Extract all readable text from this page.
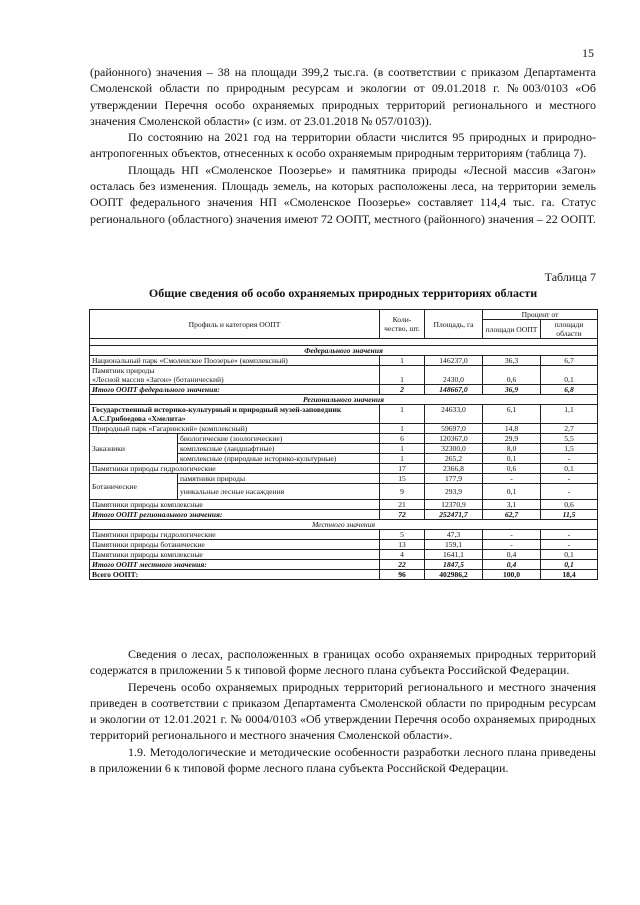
15

(районного) значения – 38 на площади 399,2 тыс.га. (в соответствии с приказом Департамента Смоленской области по природным ресурсам и экологии от 09.01.2018 г. №003/0103 «Об утверждении Перечня особо охраняемых природных территорий регионального и местного значения Смоленской области» (с изм. от 23.01.2018 № 057/0103)).

По состоянию на 2021 год на территории области числится 95 природных и природно-антропогенных объектов, отнесенных к особо охраняемым природным территориям (таблица 7).

Площадь НП «Смоленское Поозерье» и памятника природы «Лесной массив «Загон» осталась без изменения. Площадь земель, на которых расположены леса, на территории земель ООПТ федерального значения НП «Смоленское Поозерье» составляет 114,4 тыс. га. Статус регионального (областного) значения имеют 72 ООПТ, местного (районного) значения – 22 ООПТ.

Таблица 7
Общие сведения об особо охраняемых природных территориях области
Профиль и категория ООПТ		Коли-чество, шт.	Площадь, га	Процент от	
				площади ООПТ	площади области

Федерального значения					
Национальный парк «Смоленское Поозерье» (комплексный)		1	146237,0	36,3	6,7
Памятник природы
«Лесной массив «Загон» (ботанический)		1	2430,0	0,6	0,1
Итого ООПТ федерального значения:		2	148667,0	36,9	6,8
Регионального значения					
Государственный историко-культурный и природный музей-заповедник А.С.Грибоедова «Хмелита»		1	24633,0	6,1	1,1
Природный парк «Гагаринский» (комплексный)		1	59697,0	14,8	2,7
Заказники	биологические (зоологические)	6	120367,0	29,9	5,5
	комплексные (ландшафтные)	1	32300,0	8,0	1,5
	комплексные (природные историко-культурные)	1	265,2	0,1	-
Памятники природы гидрологические		17	2366,8	0,6	0,1
Ботанические	памятники природы	15	177,9	-	-
	уникальные лесные насаждения	9	293,9	0,1	-
Памятники природы комплексные		21	12370,9	3,1	0,6
Итого ООПТ регионального значения:		72	252471,7	62,7	11,5
Местного значения					
Памятники природы гидрологические		5	47,3	-	-
Памятники природы ботанические		13	159,1	-	-
Памятники природы комплексные		4	1641,1	0,4	0,1
Итого ООПТ местного значения:		22	1847,5	0,4	0,1
Всего ООПТ:		96	402986,2	100,0	18,4

Сведения о лесах, расположенных в границах особо охраняемых природных территорий содержатся в приложении 5 к типовой форме лесного плана субъекта Российской Федерации.

Перечень особо охраняемых природных территорий регионального и местного значения приведен в соответствии с приказом Департамента Смоленской области по природным ресурсам и экологии от 12.01.2021 г. № 0004/0103 «Об утверждении Перечня особо охраняемых природных территорий регионального и местного значения Смоленской области».

1.9. Методологические и методические особенности разработки лесного плана приведены в приложении 6 к типовой форме лесного плана субъекта Российской Федерации.
